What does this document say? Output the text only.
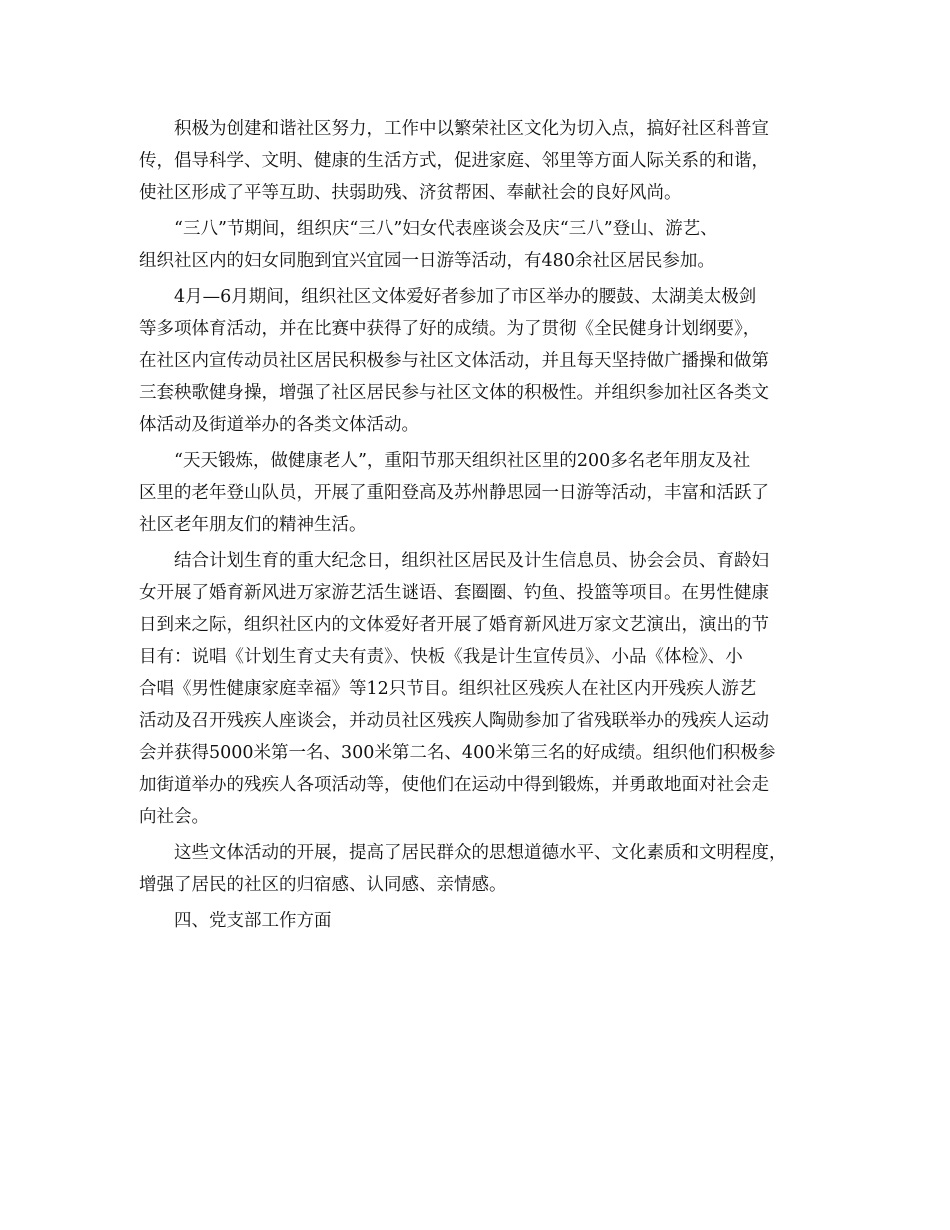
积极为创建和谐社区努力，工作中以繁荣社区文化为切入点，搞好社区科普宣
传，倡导科学、文明、健康的生活方式，促进家庭、邻里等方面人际关系的和谐，
使社区形成了平等互助、扶弱助残、济贫帮困、奉献社会的良好风尚。
“三八”节期间，组织庆“三八”妇女代表座谈会及庆“三八”登山、游艺、
组织社区内的妇女同胞到宜兴宜园一日游等活动，有480余社区居民参加。
4月—6月期间，组织社区文体爱好者参加了市区举办的腰鼓、太湖美太极剑
等多项体育活动，并在比赛中获得了好的成绩。为了贯彻《全民健身计划纲要》，
在社区内宣传动员社区居民积极参与社区文体活动，并且每天坚持做广播操和做第
三套秧歌健身操，增强了社区居民参与社区文体的积极性。并组织参加社区各类文
体活动及街道举办的各类文体活动。
“天天锻炼，做健康老人”，重阳节那天组织社区里的200多名老年朋友及社
区里的老年登山队员，开展了重阳登高及苏州静思园一日游等活动，丰富和活跃了
社区老年朋友们的精神生活。
结合计划生育的重大纪念日，组织社区居民及计生信息员、协会会员、育龄妇
女开展了婚育新风进万家游艺活生谜语、套圈圈、钓鱼、投篮等项目。在男性健康
日到来之际，组织社区内的文体爱好者开展了婚育新风进万家文艺演出，演出的节
目有：说唱《计划生育丈夫有责》、快板《我是计生宣传员》、小品《体检》、小
合唱《男性健康家庭幸福》等12只节目。组织社区残疾人在社区内开残疾人游艺
活动及召开残疾人座谈会，并动员社区残疾人陶勋参加了省残联举办的残疾人运动
会并获得5000米第一名、300米第二名、400米第三名的好成绩。组织他们积极参
加街道举办的残疾人各项活动等，使他们在运动中得到锻炼，并勇敢地面对社会走
向社会。
这些文体活动的开展，提高了居民群众的思想道德水平、文化素质和文明程度，
增强了居民的社区的归宿感、认同感、亲情感。
四、党支部工作方面
